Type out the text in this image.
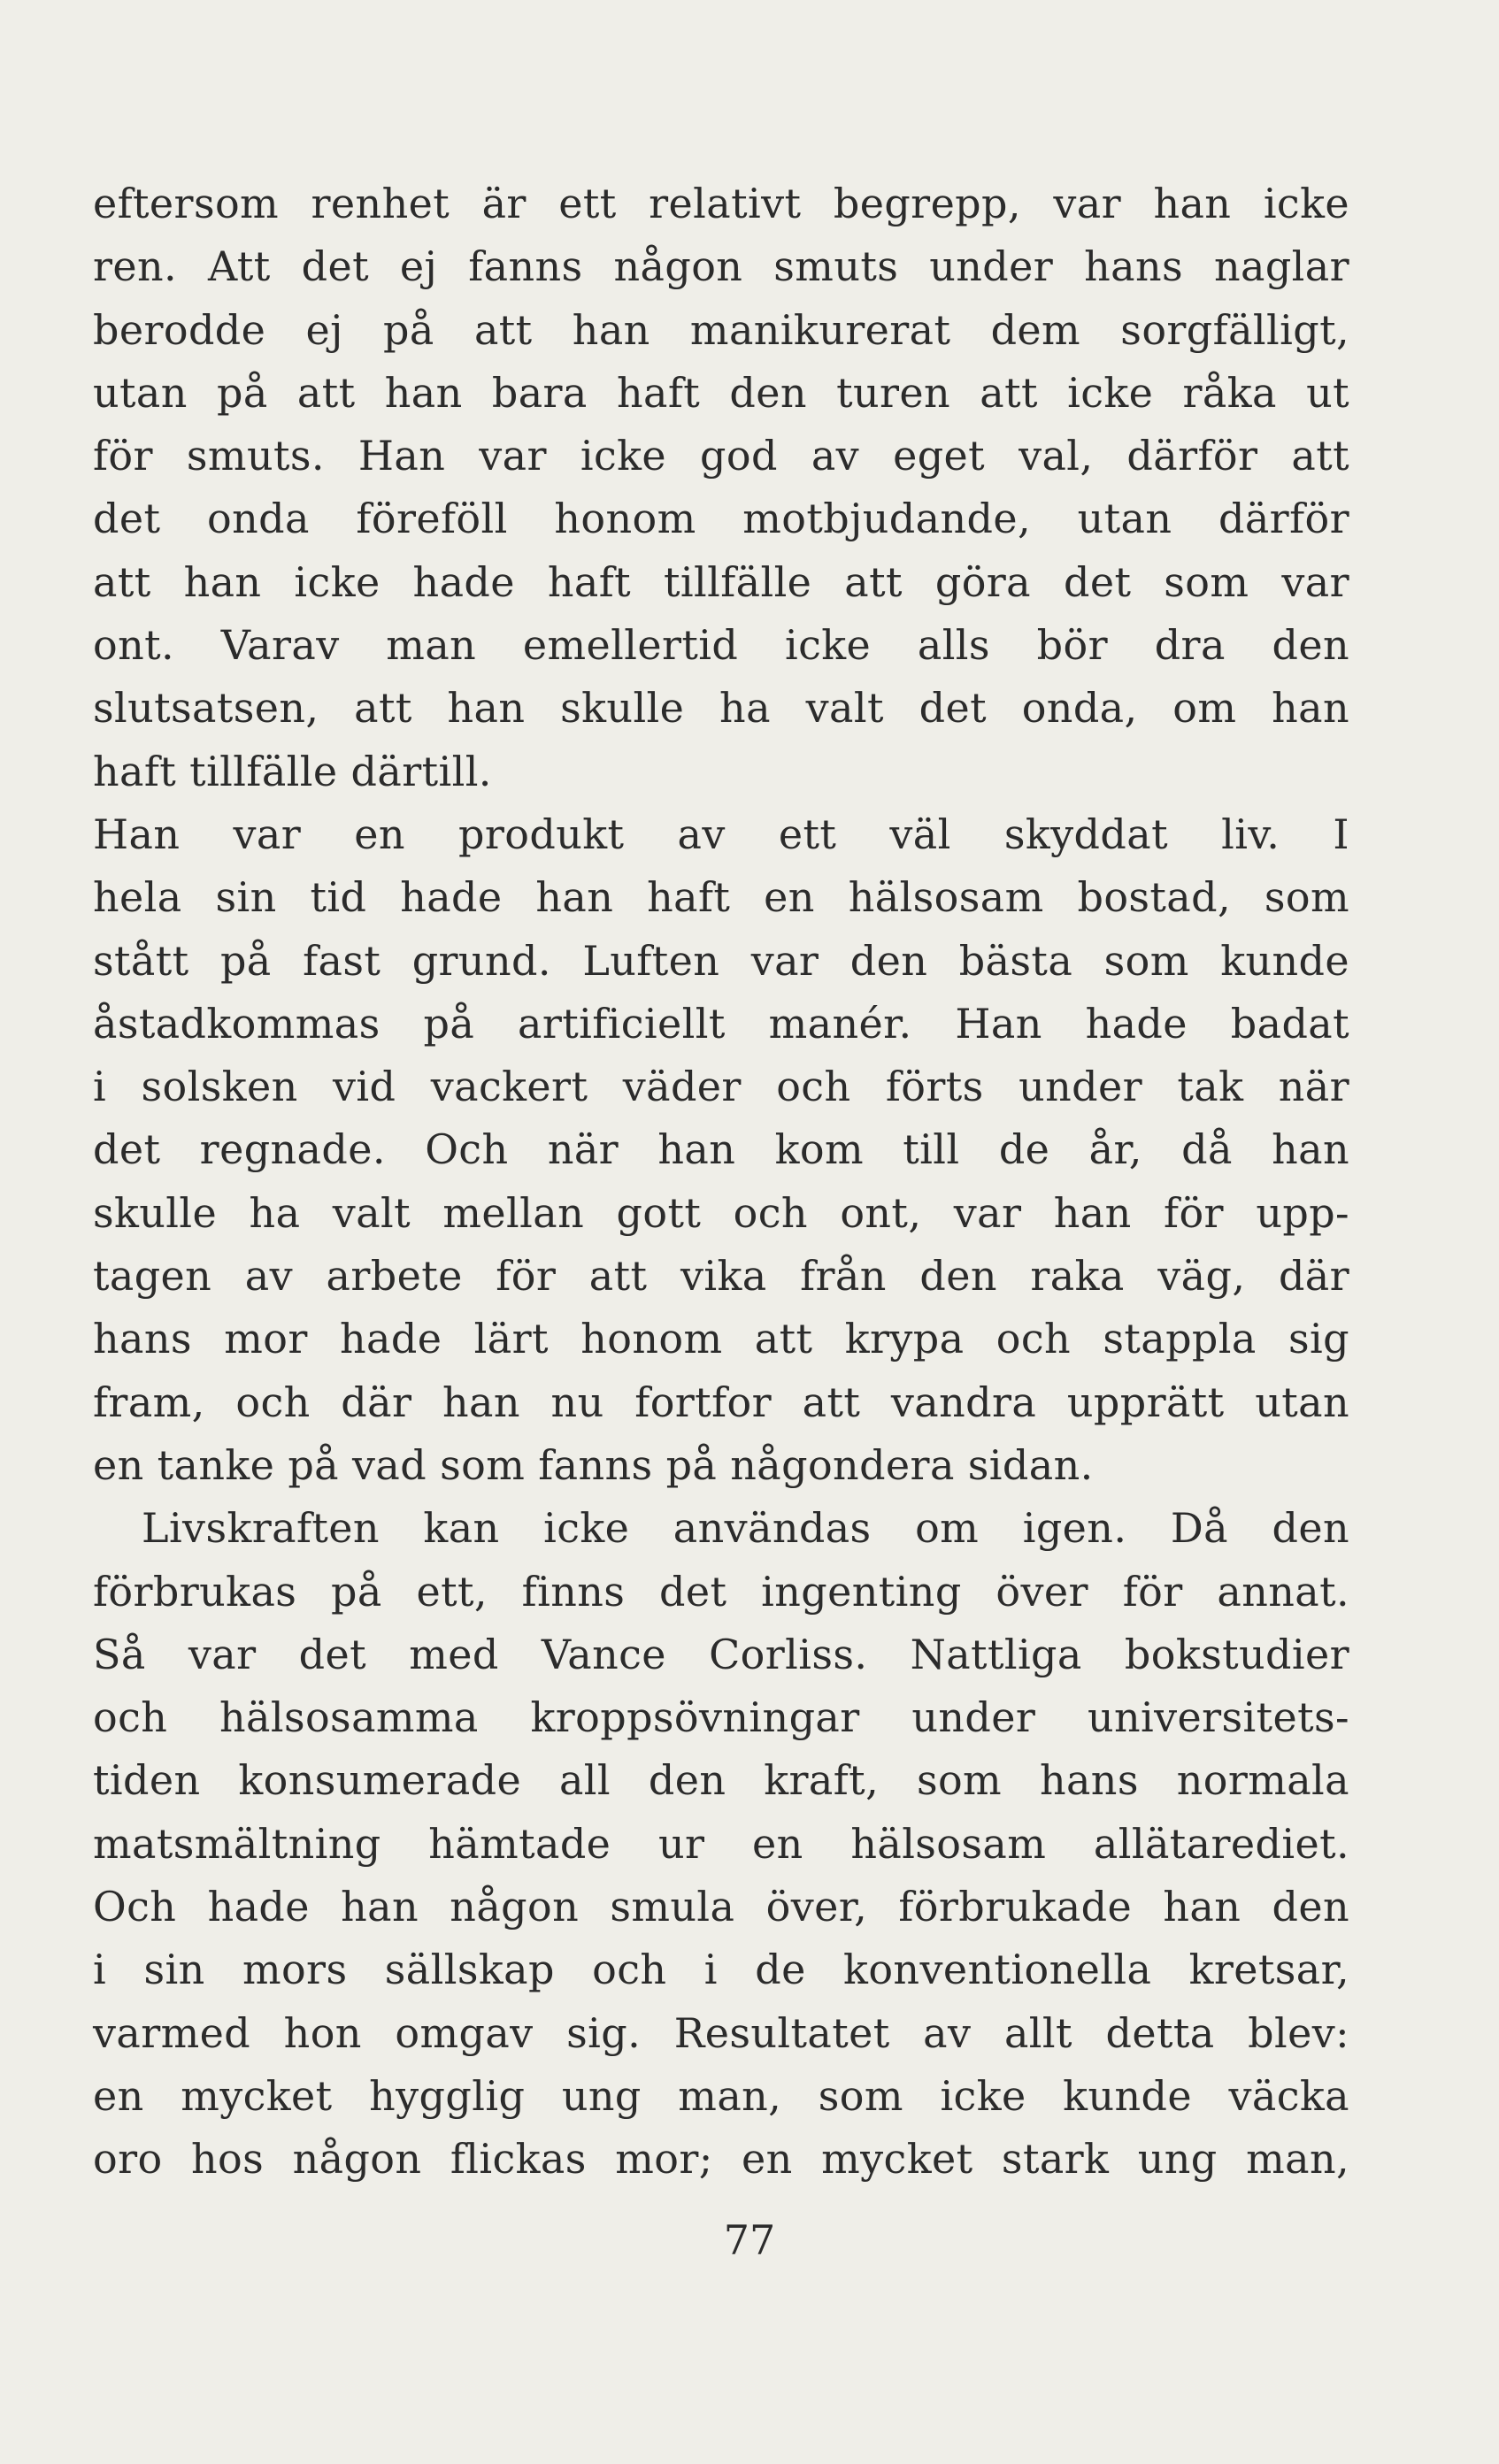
eftersom renhet är ett relativt begrepp, var han icke
ren. Att det ej fanns någon smuts under hans naglar
berodde ej på att han manikurerat dem sorgfälligt,
utan på att han bara haft den turen att icke råka ut
för smuts. Han var icke god av eget val, därför att
det onda föreföll honom motbjudande, utan därför
att han icke hade haft tillfälle att göra det som var
ont. Varav man emellertid icke alls bör dra den
slutsatsen, att han skulle ha valt det onda, om han
haft tillfälle därtill.
Han var en produkt av ett väl skyddat liv. I
hela sin tid hade han haft en hälsosam bostad, som
stått på fast grund. Luften var den bästa som kunde
åstadkommas på artificiellt manér. Han hade badat
i solsken vid vackert väder och förts under tak när
det regnade. Och när han kom till de år, då han
skulle ha valt mellan gott och ont, var han för upp-
tagen av arbete för att vika från den raka väg, där
hans mor hade lärt honom att krypa och stappla sig
fram, och där han nu fortfor att vandra upprätt utan
en tanke på vad som fanns på någondera sidan.
Livskraften kan icke användas om igen. Då den
förbrukas på ett, finns det ingenting över för annat.
Så var det med Vance Corliss. Nattliga bokstudier
och hälsosamma kroppsövningar under universitets-
tiden konsumerade all den kraft, som hans normala
matsmältning hämtade ur en hälsosam allätarediet.
Och hade han någon smula över, förbrukade han den
i sin mors sällskap och i de konventionella kretsar,
varmed hon omgav sig. Resultatet av allt detta blev:
en mycket hygglig ung man, som icke kunde väcka
oro hos någon flickas mor; en mycket stark ung man,
77
